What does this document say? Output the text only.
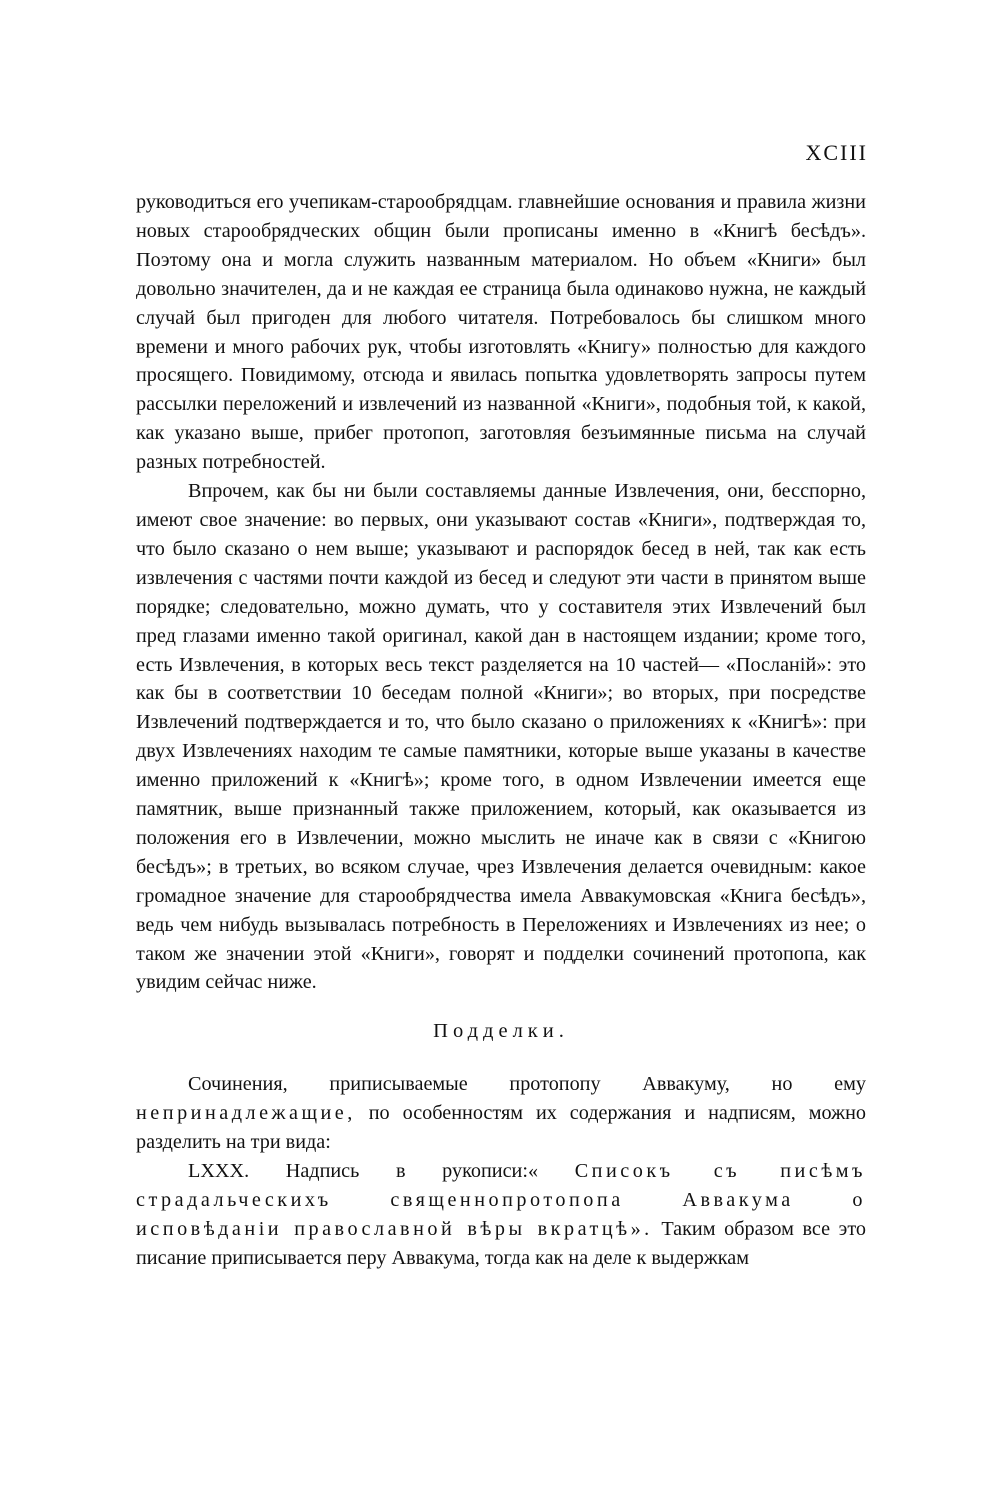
XCIII

руководиться его учепикам-старообрядцам. главнейшие основания и правила жизни новых старообрядческих общин были прописаны именно в «Книгѣ бесѣдъ». Поэтому она и могла служить названным материалом. Но объем «Книги» был довольно значителен, да и не каждая ее страница была одинаково нужна, не каждый случай был пригоден для любого читателя. Потребовалось бы слишком много времени и много рабочих рук, чтобы изготовлять «Книгу» полностью для каждого просящего. Повидимому, отсюда и явилась попытка удовлетворять запросы путем рассылки переложений и извлечений из названной «Книги», подобныя той, к какой, как указано выше, прибег протопоп, заготовляя безъимянные письма на случай разных потребностей.

Впрочем, как бы ни были составляемы данные Извлечения, они, бесспорно, имеют свое значение: во первых, они указывают состав «Книги», подтверждая то, что было сказано о нем выше; указывают и распорядок бесед в ней, так как есть извлечения с частями почти каждой из бесед и следуют эти части в принятом выше порядке; следовательно, можно думать, что у составителя этих Извлечений был пред глазами именно такой оригинал, какой дан в настоящем издании; кроме того, есть Извлечения, в которых весь текст разделяется на 10 частей— «Посланій»: это как бы в соответствии 10 беседам полной «Книги»; во вторых, при посредстве Извлечений подтверждается и то, что было сказано о приложениях к «Книгѣ»: при двух Извлечениях находим те самые памятники, которые выше указаны в качестве именно приложений к «Книгѣ»; кроме того, в одном Извлечении имеется еще памятник, выше признанный также приложением, который, как оказывается из положения его в Извлечении, можно мыслить не иначе как в связи с «Книгою бесѣдъ»; в третьих, во всяком случае, чрез Извлечения делается очевидным: какое громадное значение для старообрядчества имела Аввакумовская «Книга бесѣдъ», ведь чем нибудь вызывалась потребность в Переложениях и Извлечениях из нее; о таком же значении этой «Книги», говорят и подделки сочинений протопопа, как увидим сейчас ниже.

Подделки.

Сочинения, приписываемые протопопу Аввакуму, но ему непринадлежащие, по особенностям их содержания и надписям, можно разделить на три вида:

LXXX. Надпись в рукописи:« Списокъ съ писѣмъ страдальческихъ священнопротопопа Аввакума о исповѣданіи православной вѣры вкратцѣ». Таким образом все это писание приписывается перу Аввакума, тогда как на деле к выдержкам
